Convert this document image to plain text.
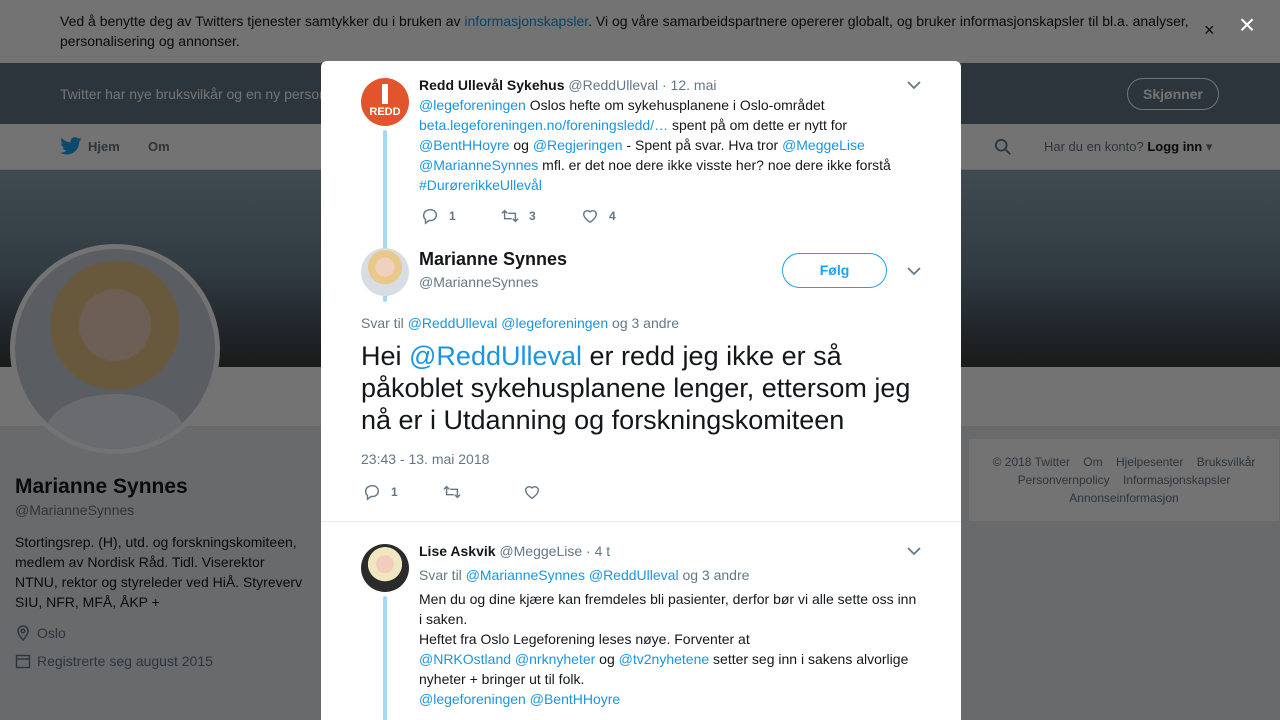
×
REDD
Redd Ullevål Sykehus @ReddUlleval · 12. mai
@legeforeningen Oslos hefte om sykehusplanene i Oslo-området
beta.legeforeningen.no/foreningsledd/… spent på om dette er nytt for
@BentHHoyre og @Regjeringen - Spent på svar. Hva tror @MeggeLise
@MarianneSynnes mfl. er det noe dere ikke visste her? noe dere ikke forstå
#DurørerikkeUllevål
1	3	4
Marianne Synnes
@MarianneSynnes
Følg
Svar til @ReddUlleval @legeforeningen og 3 andre
Hei @ReddUlleval er redd jeg ikke er så påkoblet sykehusplanene lenger, ettersom jeg nå er i Utdanning og forskningskomiteen
23:43 - 13. mai 2018
1
Lise Askvik @MeggeLise · 4 t
Svar til @MarianneSynnes @ReddUlleval og 3 andre
Men du og dine kjære kan fremdeles bli pasienter, derfor bør vi alle sette oss inn i saken.
Heftet fra Oslo Legeforening leses nøye. Forventer at
@NRKOstland @nrknyheter og @tv2nyhetene setter seg inn i sakens alvorlige nyheter + bringer ut til folk.
@legeforeningen @BentHHoyre
